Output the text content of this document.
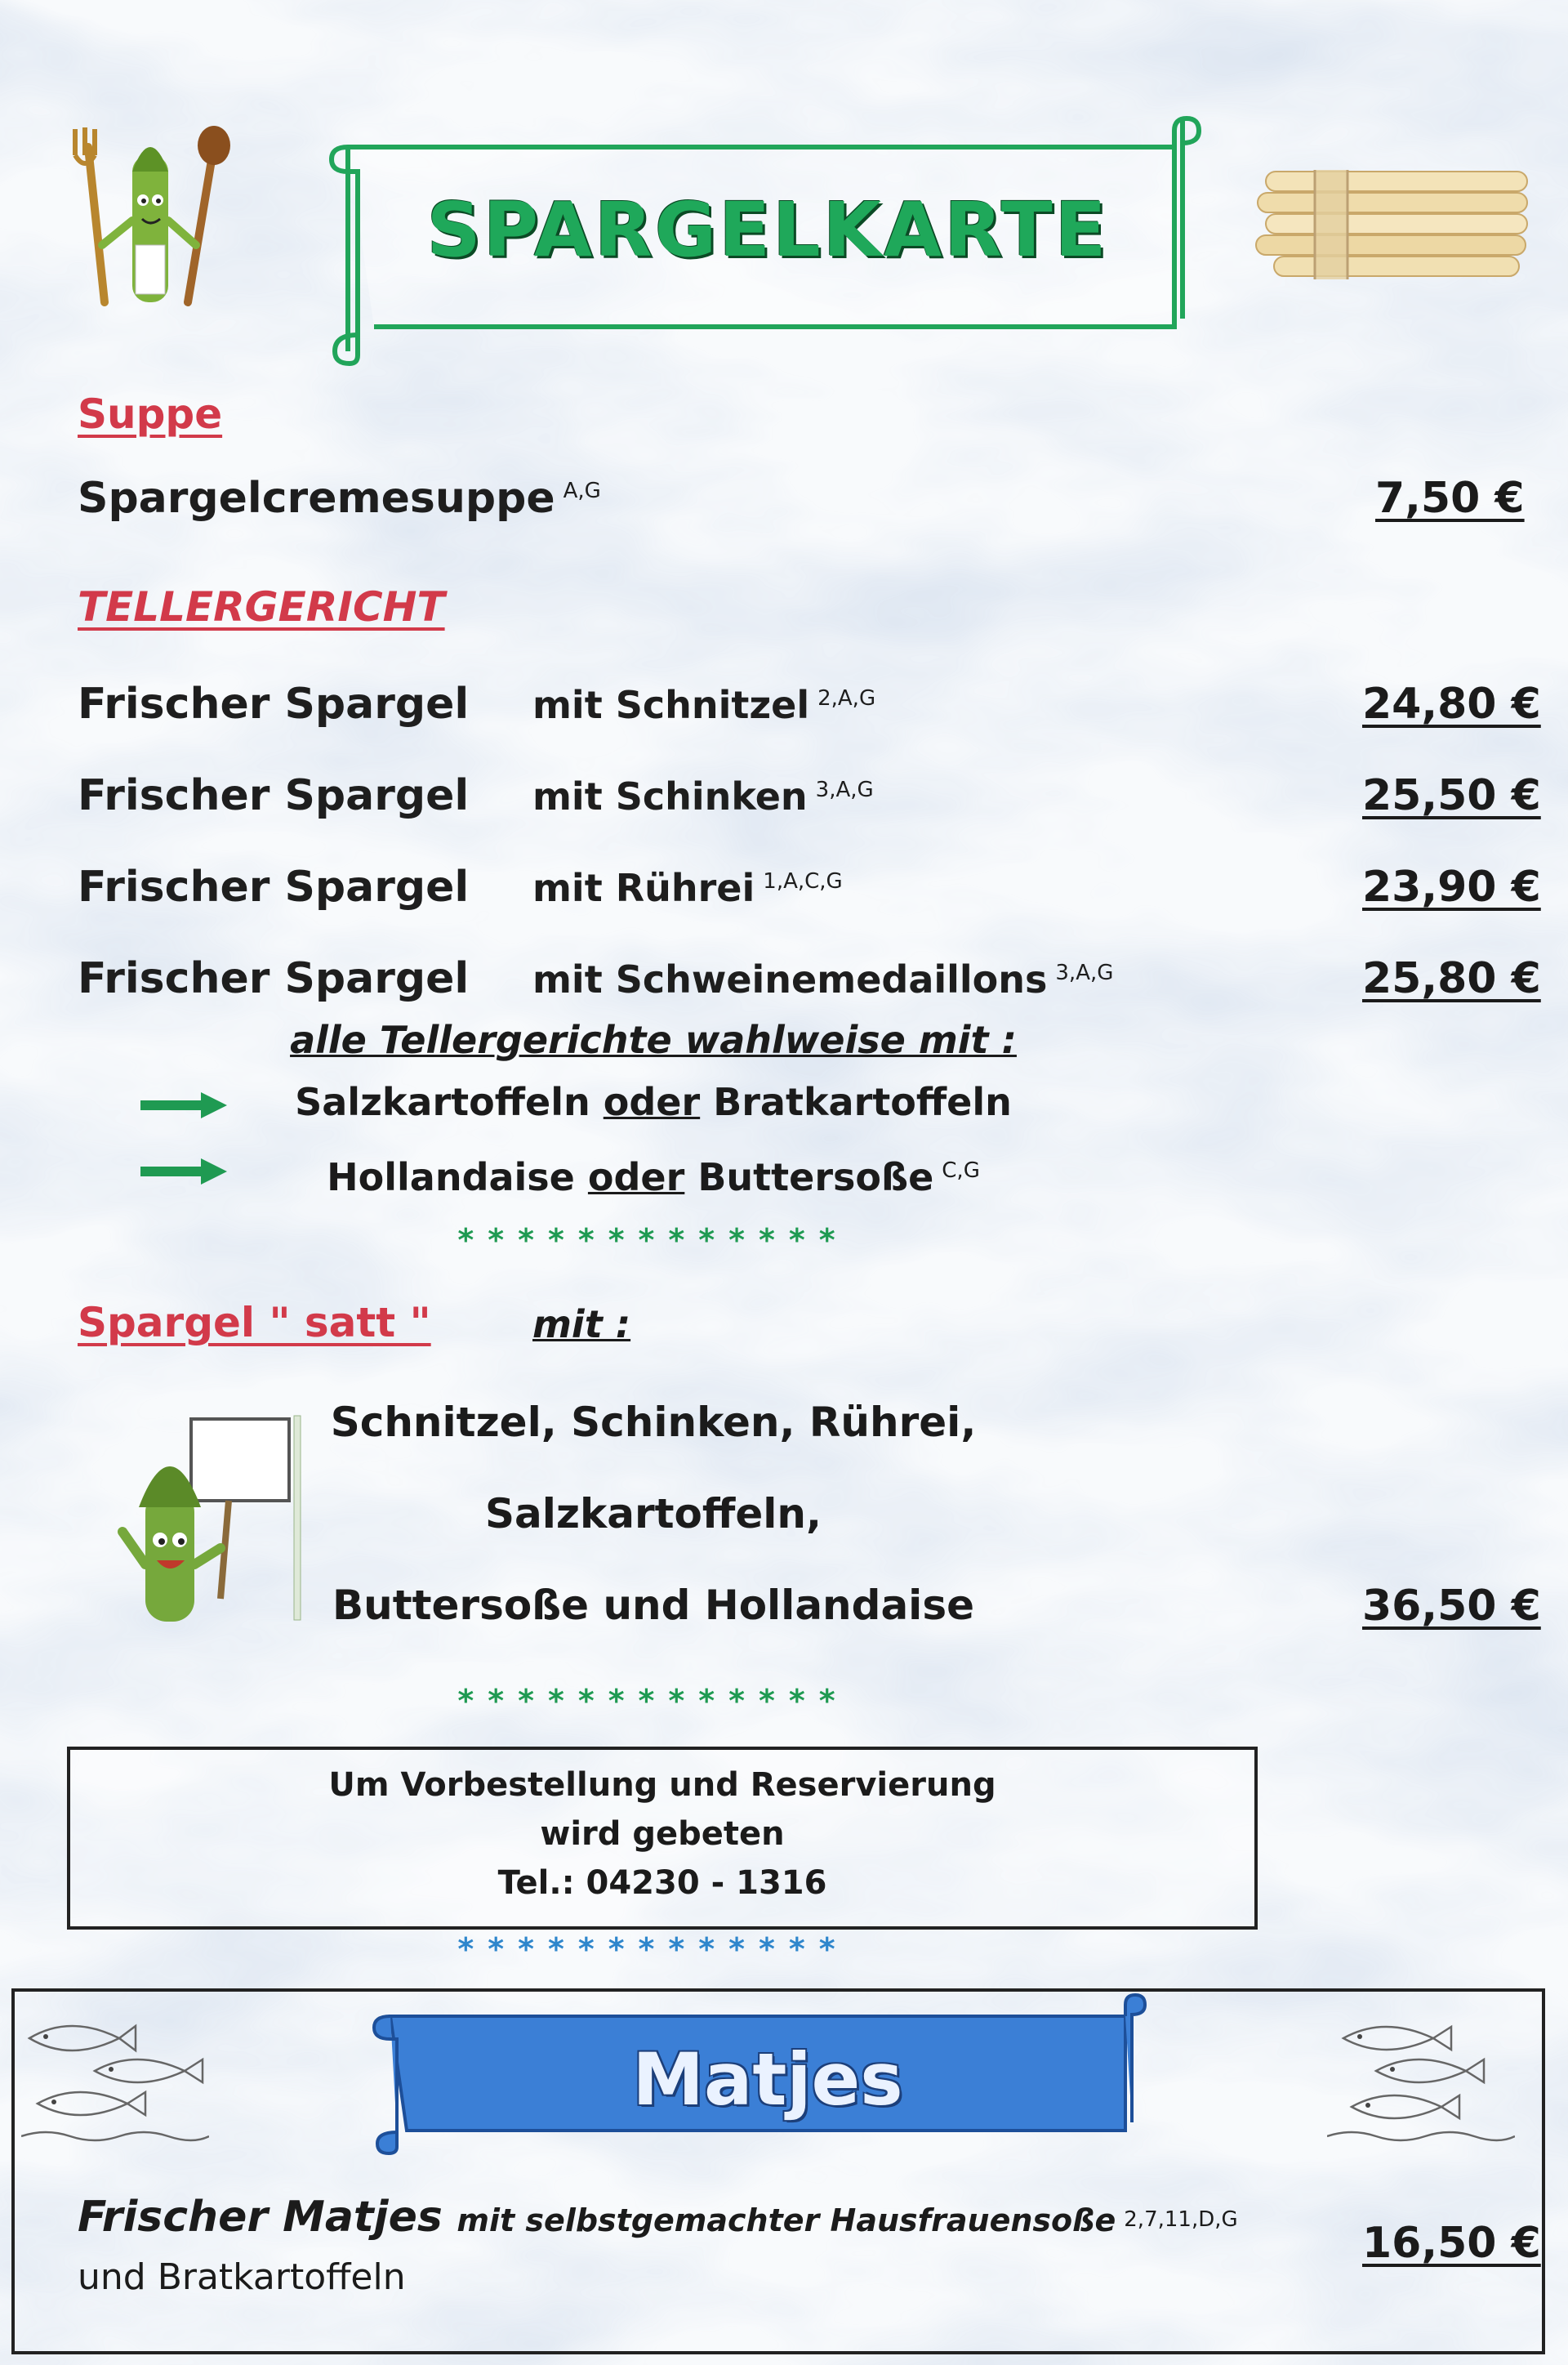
SPARGELKARTE
Suppe
Spargelcremesuppe $^{A,G}$	7,50 €
TELLERGERICHT
Frischer Spargel mit Schnitzel $^{2,A,G}$	24,80 €
Frischer Spargel mit Schinken $^{3,A,G}$	25,50 €
Frischer Spargel mit Rührei $^{1,A,C,G}$	23,90 €
Frischer Spargel mit Schweinemedaillons $^{3,A,G}$	25,80 €
alle Tellergerichte wahlweise mit :
Salzkartoffeln oder Bratkartoffeln
Hollandaise oder Buttersoße $^{C,G}$
*************
Spargel " satt "	mit :
Schnitzel, Schinken, Rührei,
Salzkartoffeln,
Buttersoße und Hollandaise	36,50 €
*************
Um Vorbestellung und Reservierung
wird gebeten
Tel.: 04230 - 1316
*************
Matjes
Frischer Matjes mit selbstgemachter Hausfrauensoße 2,7,11,D,G
und Bratkartoffeln
16,50 €
